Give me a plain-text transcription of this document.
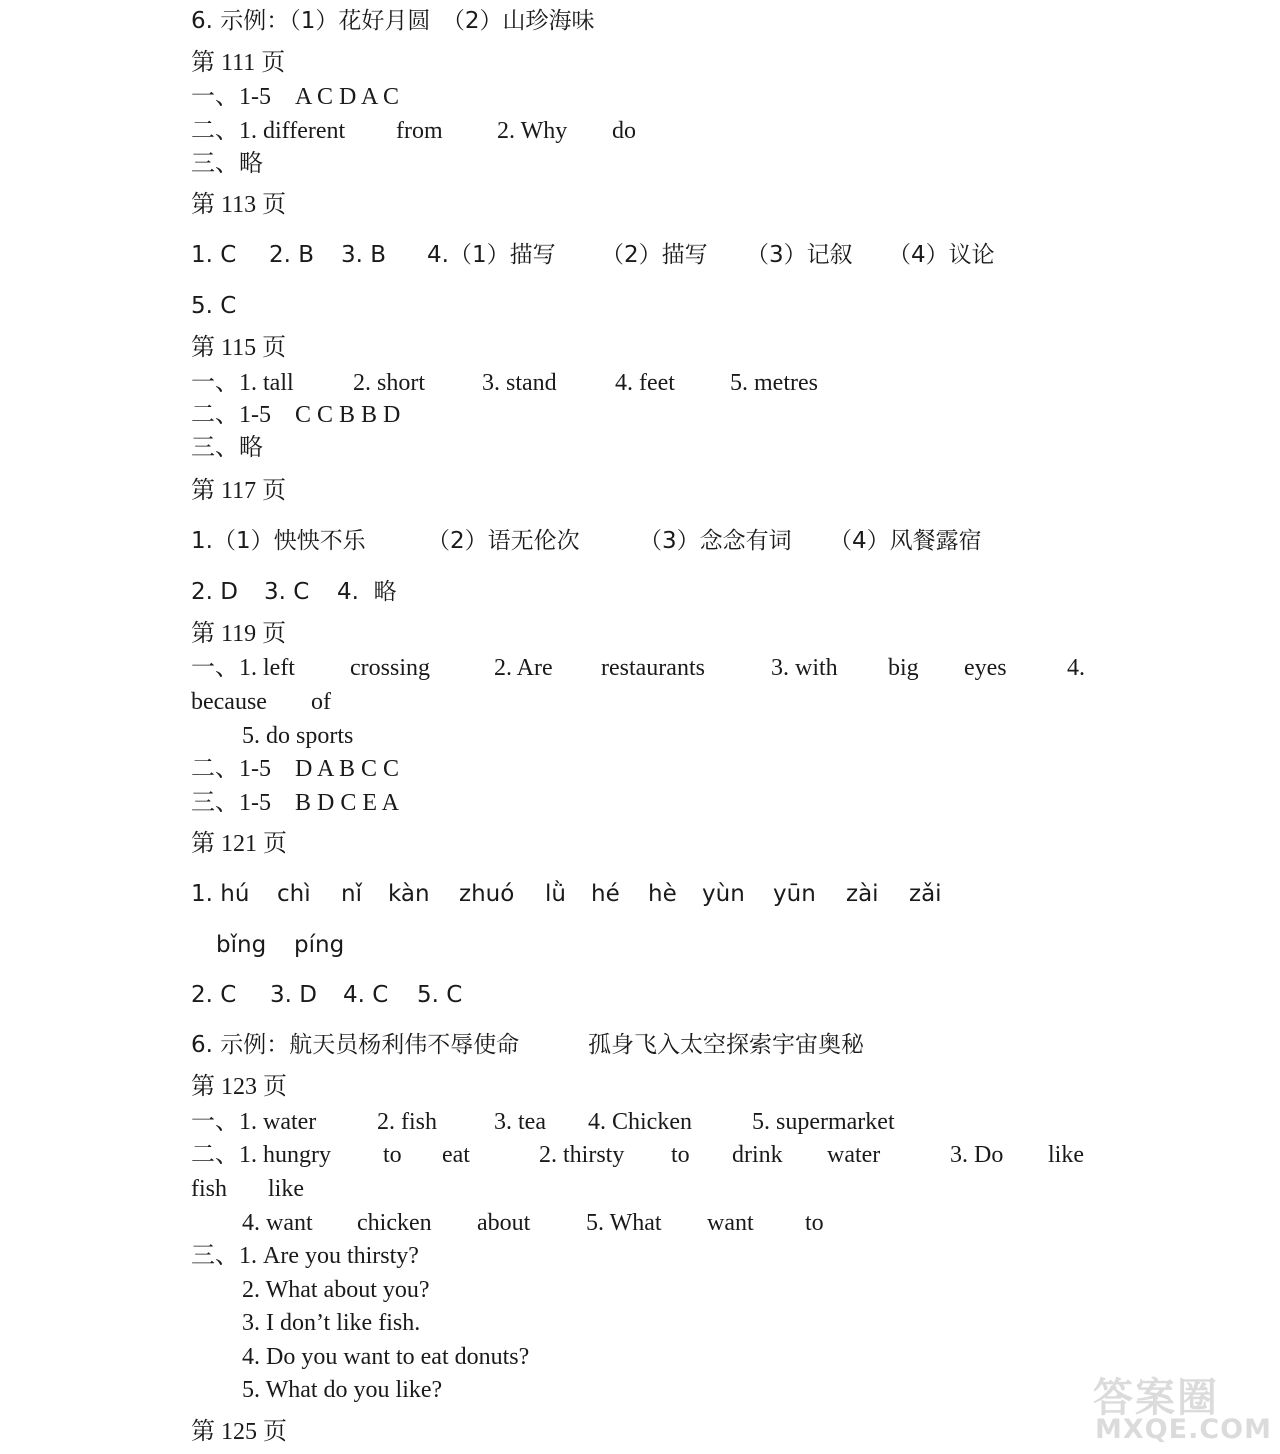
6. 示例：（1）花好月圆　（2）山珍海味
第 111 页
一、1-5　A C D A C
二、1. different from 2. Why do
三、略
第 113 页
1. C 2. B 3. B 4.（1）描写 （2）描写 （3）记叙 （4）议论
5. C
第 115 页
一、1. tall 2. short 3. stand 4. feet 5. metres
二、1-5　C C B B D
三、略
第 117 页
1.（1）怏怏不乐	（2）语无伦次	（3）念念有词 （4）风餐露宿
2. D 3. C 4.  略
第 119 页
一、1. left crossing	2. Are restaurants	3. with big eyes	4.
because of
5. do sports
二、1-5　D A B C C
三、1-5　B D C E A
第 121 页
1. hú chì nǐ kàn zhuó lǜ hé hè yùn yūn zài zǎi
bǐng píng
2. C 3. D 4. C 5. C
6. 示例：航天员杨利伟不辱使命	孤身飞入太空探索宇宙奥秘
第 123 页
一、1. water	2. fish 3. tea 4. Chicken	5. supermarket
二、1. hungry to eat	2. thirsty to drink water	3. Do like
fish like
4. want chicken about 5. What want to
三、1. Are you thirsty?
2. What about you?
3. I don’t like fish.
4. Do you want to eat donuts?
5. What do you like?
第 125 页
答案圈
MXQE.COM
